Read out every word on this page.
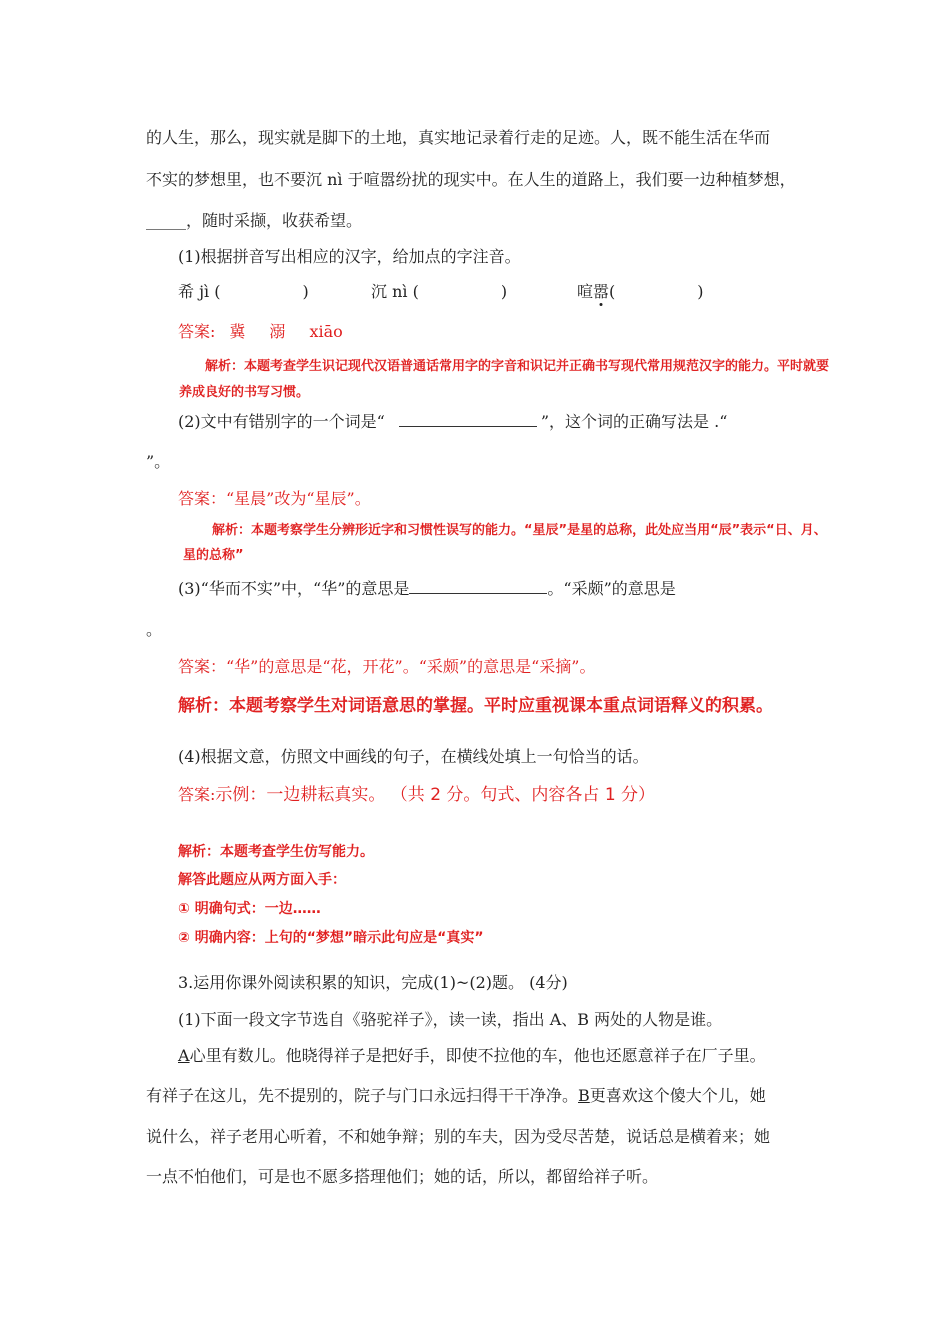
的人生，那么，现实就是脚下的土地，真实地记录着行走的足迹。人，既不能生活在华而
不实的梦想里，也不要沉 nì 于喧嚣纷扰的现实中。在人生的道路上，我们要一边种植梦想，
_____，随时采撷，收获希望。
(1)根据拼音写出相应的汉字，给加点的字注音。
希 jì (	)	沉 nì (	)	喧嚣(	)
答案: 冀 溺 xiāo
解析：本题考查学生识记现代汉语普通话常用字的字音和识记并正确书写现代常用规范汉字的能力。平时就要
养成良好的书写习惯。
(2)文中有错别字的一个词是“	”，这个词的正确写法是 .“
”。
答案：“星晨”改为“星辰”。
解析：本题考察学生分辨形近字和习惯性误写的能力。“星辰”是星的总称，此处应当用“辰”表示“日、月、
星的总称”
(3)“华而不实”中，“华”的意思是	。“采颇”的意思是
。
答案：“华”的意思是“花，开花”。“采颇”的意思是“采摘”。
解析：本题考察学生对词语意思的掌握。平时应重视课本重点词语释义的积累。
(4)根据文意，仿照文中画线的句子，在横线处填上一句恰当的话。
答案:示例：一边耕耘真实。 （共 2 分。句式、内容各占 1 分）
解析：本题考查学生仿写能力。
解答此题应从两方面入手：
① 明确句式：一边……
② 明确内容：上句的“梦想”暗示此句应是“真实”
3.运用你课外阅读积累的知识，完成(1)~(2)题。 (4分)
(1)下面一段文字节选自《骆驼祥子》，读一读，指出 A、B 两处的人物是谁。
A心里有数儿。他晓得祥子是把好手，即使不拉他的车，他也还愿意祥子在厂子里。
有祥子在这儿，先不提别的，院子与门口永远扫得干干净净。B更喜欢这个傻大个儿，她
说什么，祥子老用心听着，不和她争辩；别的车夫，因为受尽苦楚，说话总是横着来；她
一点不怕他们，可是也不愿多搭理他们；她的话，所以，都留给祥子听。
